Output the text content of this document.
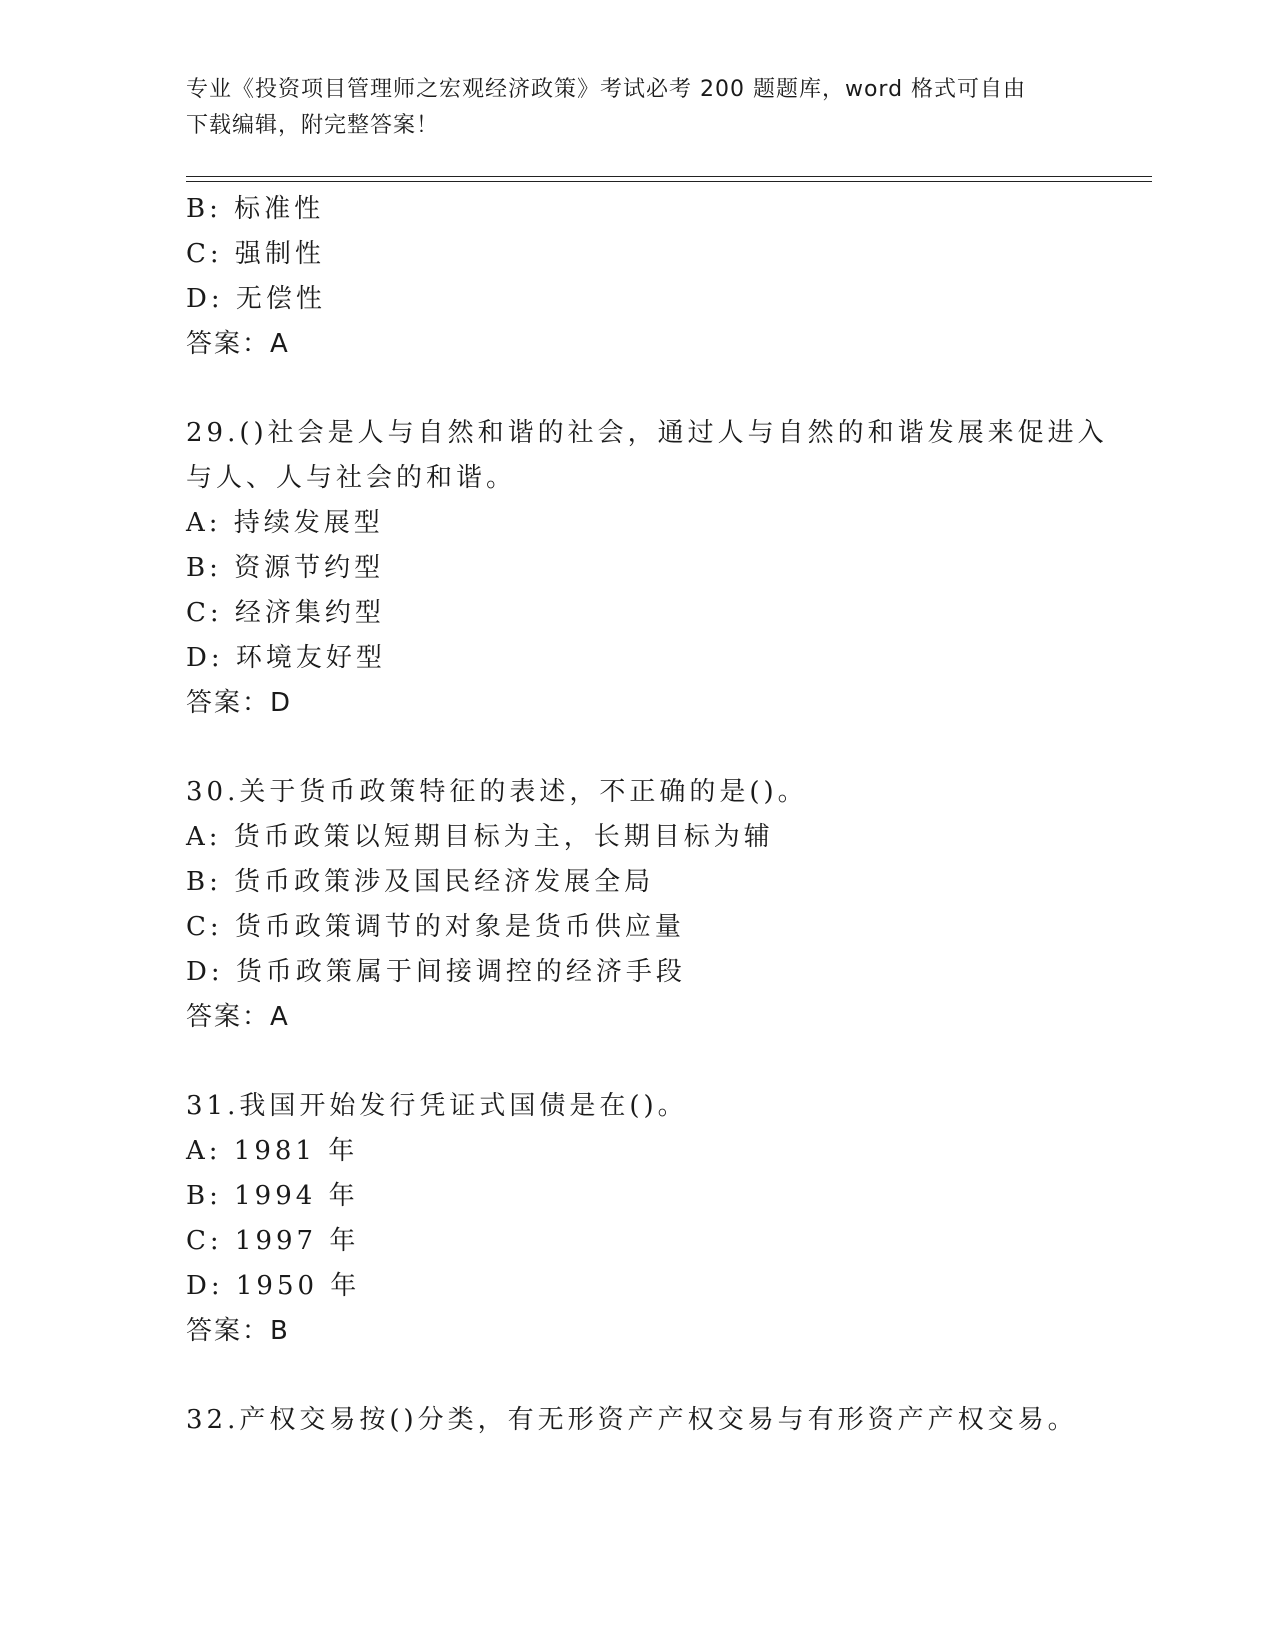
专业《投资项目管理师之宏观经济政策》考试必考 200 题题库，word 格式可自由
下载编辑，附完整答案！
B: 标准性
C: 强制性
D: 无偿性
答案：A
29.()社会是人与自然和谐的社会，通过人与自然的和谐发展来促进入
与人、人与社会的和谐。
A: 持续发展型
B: 资源节约型
C: 经济集约型
D: 环境友好型
答案：D
30.关于货币政策特征的表述，不正确的是()。
A: 货币政策以短期目标为主，长期目标为辅
B: 货币政策涉及国民经济发展全局
C: 货币政策调节的对象是货币供应量
D: 货币政策属于间接调控的经济手段
答案：A
31.我国开始发行凭证式国债是在()。
A: 1981 年
B: 1994 年
C: 1997 年
D: 1950 年
答案：B
32.产权交易按()分类，有无形资产产权交易与有形资产产权交易。
